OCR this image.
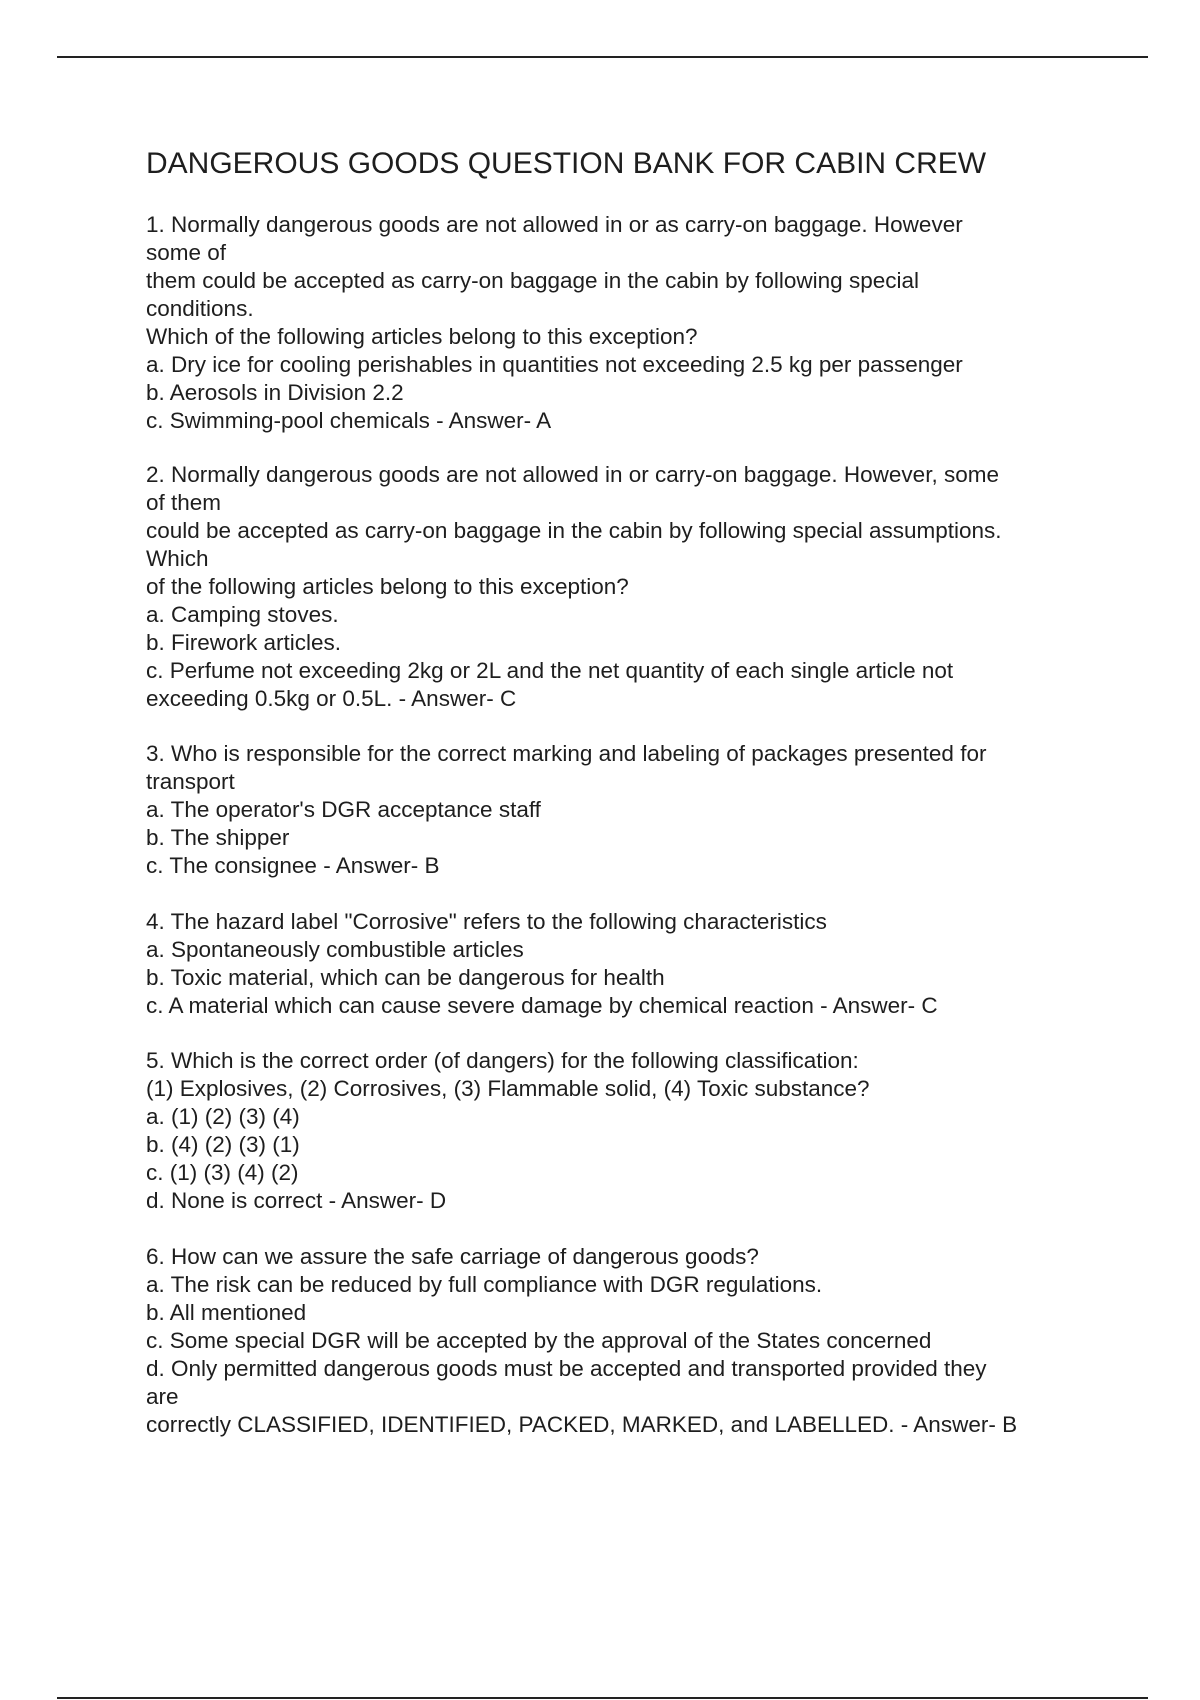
DANGEROUS GOODS QUESTION BANK FOR CABIN CREW
1. Normally dangerous goods are not allowed in or as carry-on baggage. However
some of
them could be accepted as carry-on baggage in the cabin by following special
conditions.
Which of the following articles belong to this exception?
a. Dry ice for cooling perishables in quantities not exceeding 2.5 kg per passenger
b. Aerosols in Division 2.2
c. Swimming-pool chemicals - Answer- A
2. Normally dangerous goods are not allowed in or carry-on baggage. However, some
of them
could be accepted as carry-on baggage in the cabin by following special assumptions.
Which
of the following articles belong to this exception?
a. Camping stoves.
b. Firework articles.
c. Perfume not exceeding 2kg or 2L and the net quantity of each single article not
exceeding 0.5kg or 0.5L. - Answer- C
3. Who is responsible for the correct marking and labeling of packages presented for
transport
a. The operator's DGR acceptance staff
b. The shipper
c. The consignee - Answer- B
4. The hazard label "Corrosive" refers to the following characteristics
a. Spontaneously combustible articles
b. Toxic material, which can be dangerous for health
c. A material which can cause severe damage by chemical reaction - Answer- C
5. Which is the correct order (of dangers) for the following classification:
(1) Explosives, (2) Corrosives, (3) Flammable solid, (4) Toxic substance?
a. (1) (2) (3) (4)
b. (4) (2) (3) (1)
c. (1) (3) (4) (2)
d. None is correct - Answer- D
6. How can we assure the safe carriage of dangerous goods?
a. The risk can be reduced by full compliance with DGR regulations.
b. All mentioned
c. Some special DGR will be accepted by the approval of the States concerned
d. Only permitted dangerous goods must be accepted and transported provided they
are
correctly CLASSIFIED, IDENTIFIED, PACKED, MARKED, and LABELLED. - Answer- B
